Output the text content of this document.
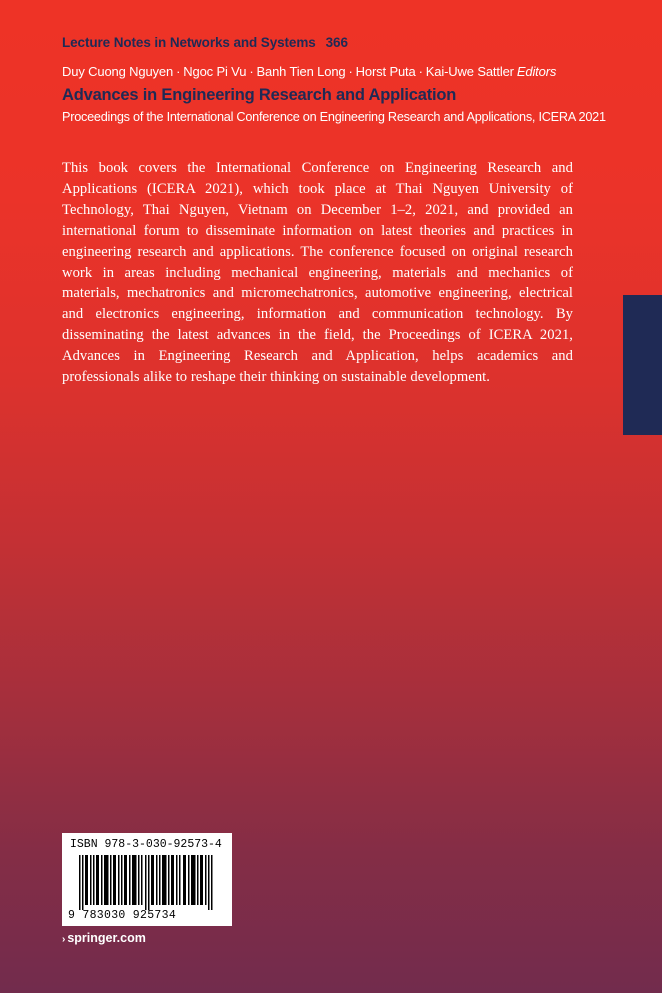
Lecture Notes in Networks and Systems 366
Duy Cuong Nguyen · Ngoc Pi Vu · Banh Tien Long · Horst Puta · Kai-Uwe Sattler Editors
Advances in Engineering Research and Application
Proceedings of the International Conference on Engineering Research and Applications, ICERA 2021

This book covers the International Conference on Engineering Research and Applications (ICERA 2021), which took place at Thai Nguyen University of Technology, Thai Nguyen, Vietnam on December 1–2, 2021, and provided an international forum to disseminate information on latest theories and practices in engineering research and applications. The conference focused on original research work in areas including mechanical engineering, materials and mechanics of materials, mechatronics and micromechatronics, automotive engineering, electrical and electronics engineering, information and communication technology. By disseminating the latest advances in the field, the Proceedings of ICERA 2021, Advances in Engineering Research and Application, helps academics and professionals alike to reshape their thinking on sustainable development.

ISBN 978-3-030-92573-4
9 783030 925734
› springer.com
